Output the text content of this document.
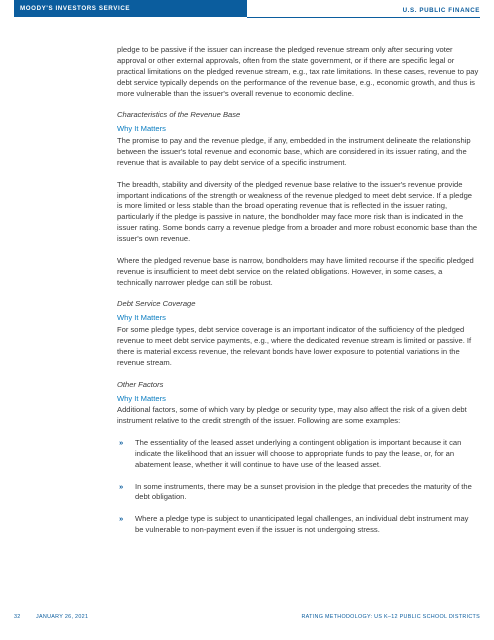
MOODY'S INVESTORS SERVICE	U.S. PUBLIC FINANCE

pledge to be passive if the issuer can increase the pledged revenue stream only after securing voter approval or other external approvals, often from the state government, or if there are specific legal or practical limitations on the pledged revenue stream, e.g., tax rate limitations. In these cases, revenue to pay debt service typically depends on the performance of the revenue base, e.g., economic growth, and thus is more vulnerable than the issuer's overall revenue to economic decline.

Characteristics of the Revenue Base
Why It Matters

The promise to pay and the revenue pledge, if any, embedded in the instrument delineate the relationship between the issuer's total revenue and economic base, which are considered in its issuer rating, and the revenue that is available to pay debt service of a specific instrument.

The breadth, stability and diversity of the pledged revenue base relative to the issuer's revenue provide important indications of the strength or weakness of the revenue pledged to meet debt service. If a pledge is more limited or less stable than the broad operating revenue that is reflected in the issuer rating, particularly if the pledge is passive in nature, the bondholder may face more risk than is indicated in the issuer rating. Some bonds carry a revenue pledge from a broader and more robust economic base than the issuer's own revenue.

Where the pledged revenue base is narrow, bondholders may have limited recourse if the specific pledged revenue is insufficient to meet debt service on the related obligations. However, in some cases, a technically narrower pledge can still be robust.

Debt Service Coverage
Why It Matters

For some pledge types, debt service coverage is an important indicator of the sufficiency of the pledged revenue to meet debt service payments, e.g., where the dedicated revenue stream is limited or passive. If there is material excess revenue, the relevant bonds have lower exposure to potential variations in the revenue stream.

Other Factors
Why It Matters

Additional factors, some of which vary by pledge or security type, may also affect the risk of a given debt instrument relative to the credit strength of the issuer. Following are some examples:

» The essentiality of the leased asset underlying a contingent obligation is important because it can indicate the likelihood that an issuer will choose to appropriate funds to pay the lease, or, for an abatement lease, whether it will continue to have use of the leased asset.
» In some instruments, there may be a sunset provision in the pledge that precedes the maturity of the debt obligation.
» Where a pledge type is subject to unanticipated legal challenges, an individual debt instrument may be vulnerable to non-payment even if the issuer is not undergoing stress.
32	JANUARY 26, 2021	RATING METHODOLOGY: US K–12 PUBLIC SCHOOL DISTRICTS
